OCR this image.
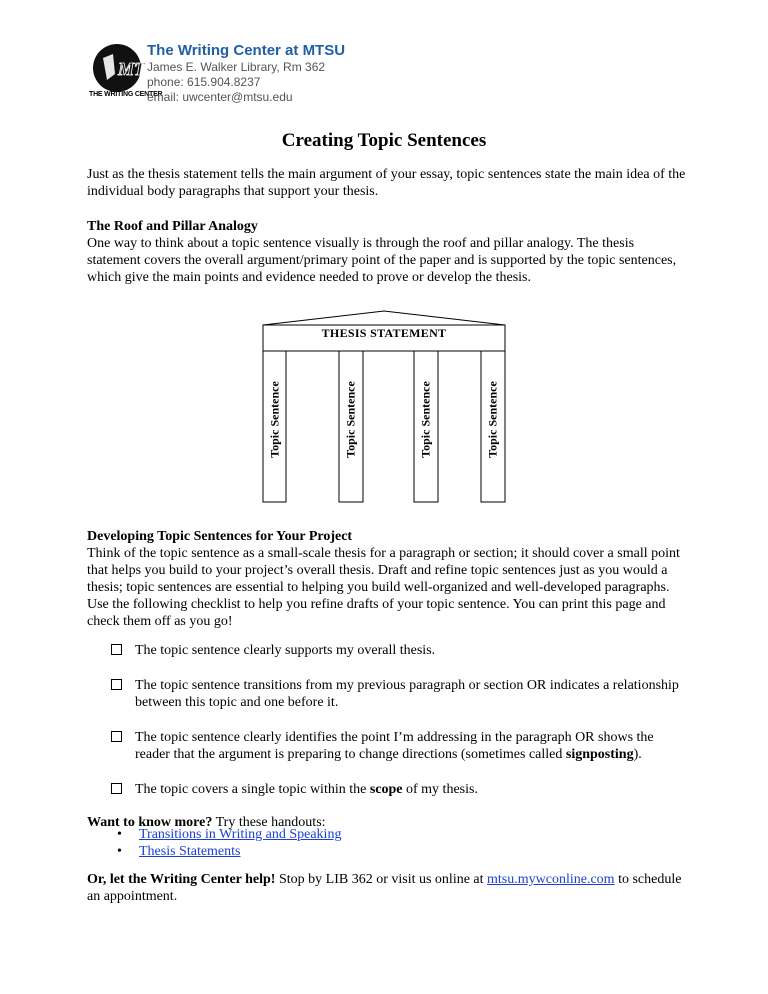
MT
THE WRITING CENTER
The Writing Center at MTSU
James E. Walker Library, Rm 362
phone: 615.904.8237
email: uwcenter@mtsu.edu
Creating Topic Sentences
Just as the thesis statement tells the main argument of your essay, topic sentences state the main idea of the individual body paragraphs that support your thesis.
The Roof and Pillar Analogy
One way to think about a topic sentence visually is through the roof and pillar analogy. The thesis statement covers the overall argument/primary point of the paper and is supported by the topic sentences, which give the main points and evidence needed to prove or develop the thesis.
THESIS STATEMENT
Topic Sentence	Topic Sentence	Topic Sentence	Topic Sentence
Developing Topic Sentences for Your Project
Think of the topic sentence as a small-scale thesis for a paragraph or section; it should cover a small point that helps you build to your project’s overall thesis. Draft and refine topic sentences just as you would a thesis; topic sentences are essential to helping you build well-organized and well-developed paragraphs. Use the following checklist to help you refine drafts of your topic sentence. You can print this page and check them off as you go!
The topic sentence clearly supports my overall thesis.
The topic sentence transitions from my previous paragraph or section OR indicates a relationship between this topic and one before it.
The topic sentence clearly identifies the point I’m addressing in the paragraph OR shows the reader that the argument is preparing to change directions (sometimes called signposting).
The topic covers a single topic within the scope of my thesis.
Want to know more? Try these handouts:
• Transitions in Writing and Speaking
• Thesis Statements
Or, let the Writing Center help! Stop by LIB 362 or visit us online at mtsu.mywconline.com to schedule an appointment.
